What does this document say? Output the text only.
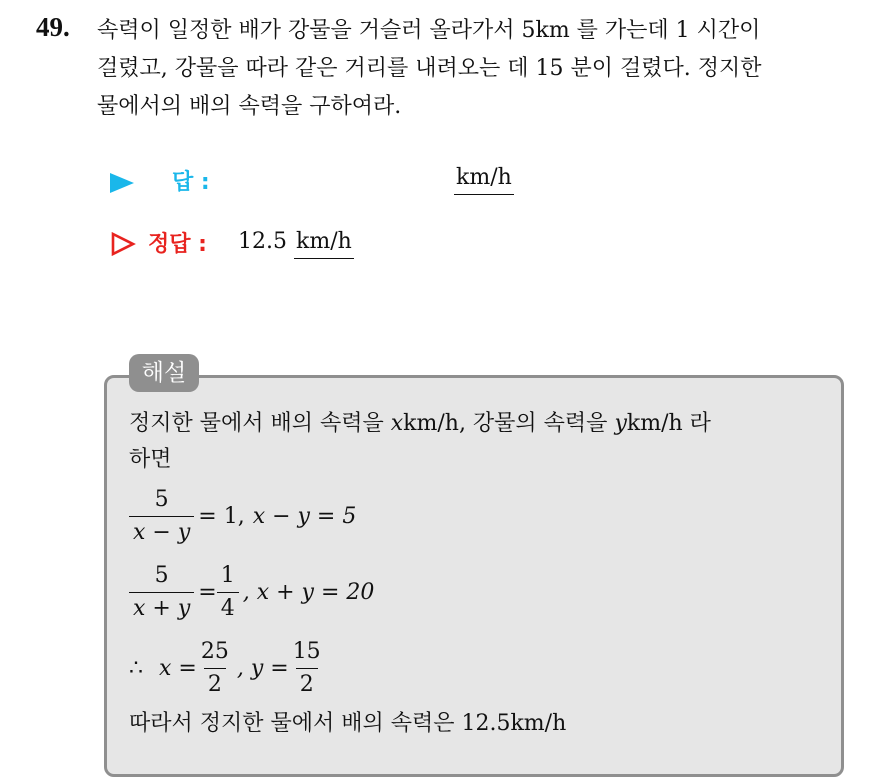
49. 속력이 일정한 배가 강물을 거슬러 올라가서 5km 를 가는데 1 시간이
걸렸고, 강물을 따라 같은 거리를 내려오는 데 15 분이 걸렸다. 정지한
물에서의 배의 속력을 구하여라.
답 :	km/h
정답 : 12.5 km/h
해설
정지한 물에서 배의 속력을 xkm/h, 강물의 속력을 ykm/h 라
하면
$\frac{5}{x - y} = 1$, x − y = 5
$\frac{5}{x + y} = \frac{1}{4}$ , x + y = 20
∴ $x = \frac{25}{2}$ , $y = \frac{15}{2}$
따라서 정지한 물에서 배의 속력은 12.5km/h
